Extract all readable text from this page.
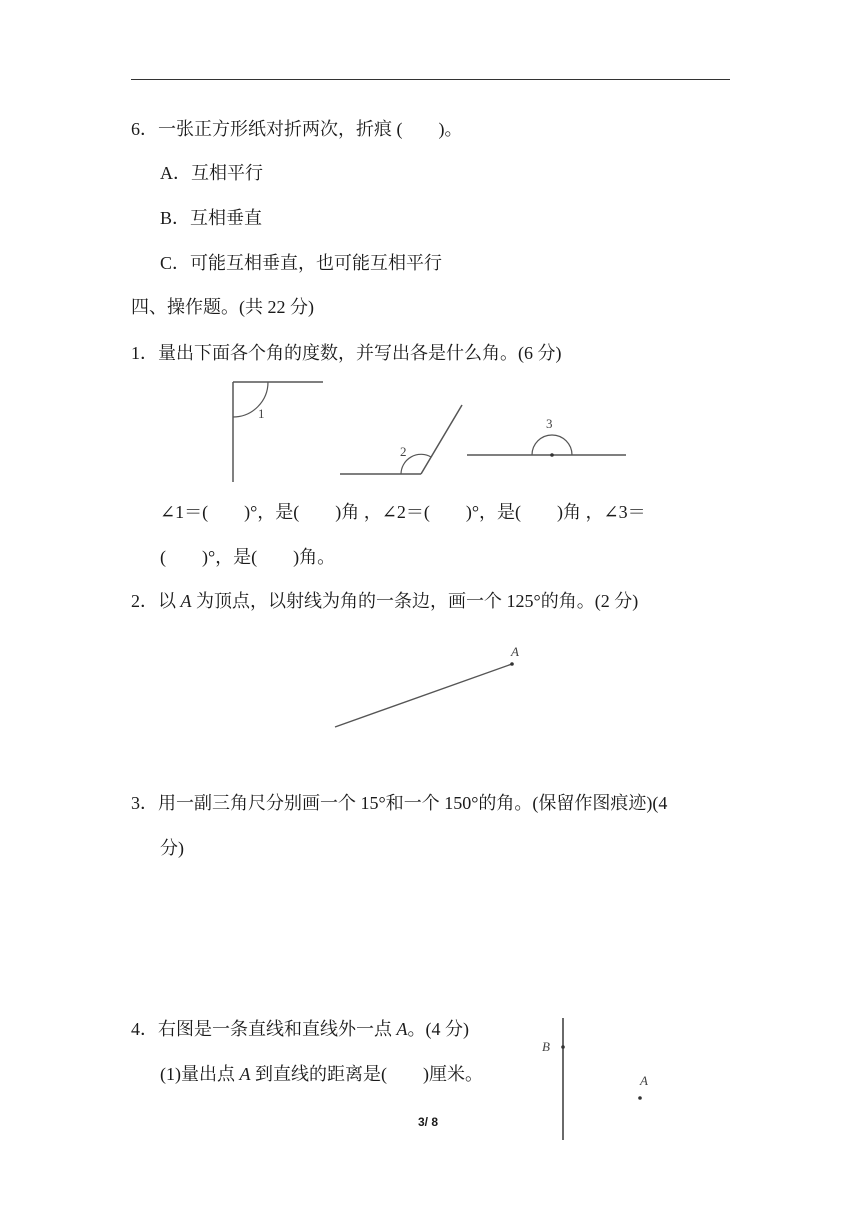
6．一张正方形纸对折两次，折痕 (　　)。
A．互相平行
B．互相垂直
C．可能互相垂直，也可能互相平行
四、操作题。(共 22 分)
1．量出下面各个角的度数，并写出各是什么角。(6 分)
1
2
3
∠1＝(　　)°，是(　　)角 ，∠2＝(　　)°，是(　　)角 ，∠3＝
(　　)°，是(　　)角。
2．以 A 为顶点，以射线为角的一条边，画一个 125°的角。(2 分)
A
3．用一副三角尺分别画一个 15°和一个 150°的角。(保留作图痕迹)(4
分)
4．右图是一条直线和直线外一点 A。(4 分)
(1)量出点 A 到直线的距离是(　　)厘米。
B
A
3/ 8
